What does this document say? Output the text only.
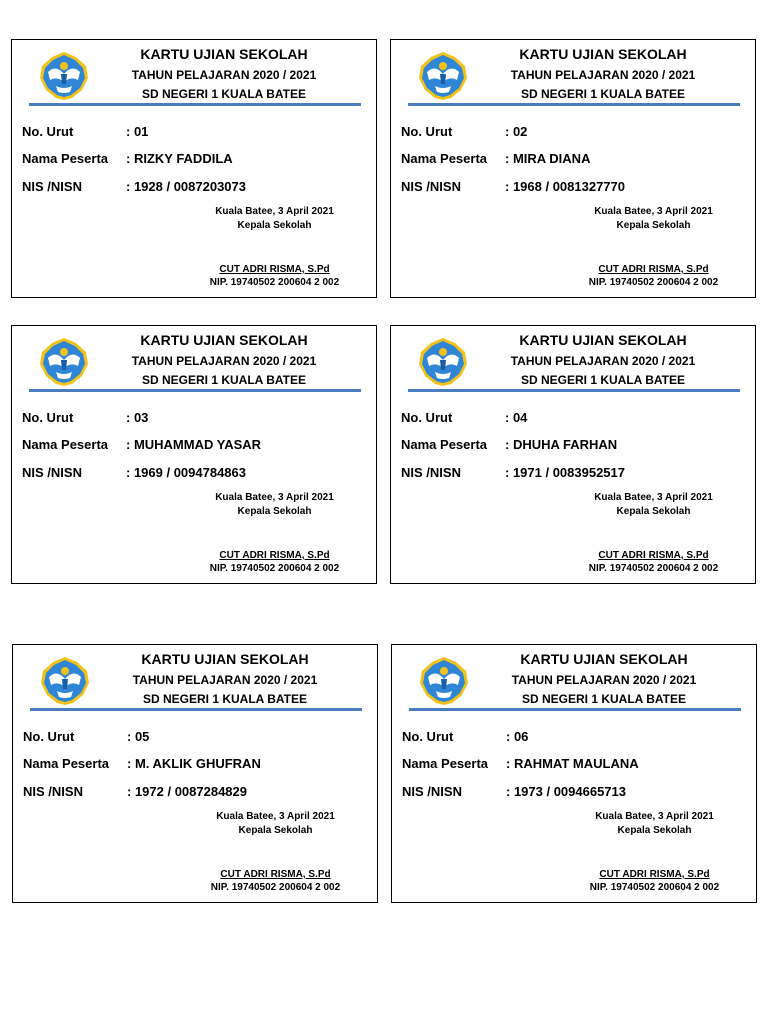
KARTU UJIAN SEKOLAH
TAHUN PELAJARAN 2020 / 2021
SD NEGERI 1 KUALA BATEE
No. Urut	: 01
Nama Peserta : RIZKY FADDILA
NIS /NISN	: 1928 / 0087203073
Kuala Batee, 3 April 2021
Kepala Sekolah
CUT ADRI RISMA, S.Pd
NIP. 19740502 200604 2 002
KARTU UJIAN SEKOLAH
TAHUN PELAJARAN 2020 / 2021
SD NEGERI 1 KUALA BATEE
No. Urut	: 02
Nama Peserta : MIRA DIANA
NIS /NISN	: 1968 / 0081327770
Kuala Batee, 3 April 2021
Kepala Sekolah
CUT ADRI RISMA, S.Pd
NIP. 19740502 200604 2 002
KARTU UJIAN SEKOLAH
TAHUN PELAJARAN 2020 / 2021
SD NEGERI 1 KUALA BATEE
No. Urut	: 03
Nama Peserta : MUHAMMAD YASAR
NIS /NISN	: 1969 / 0094784863
Kuala Batee, 3 April 2021
Kepala Sekolah
CUT ADRI RISMA, S.Pd
NIP. 19740502 200604 2 002
KARTU UJIAN SEKOLAH
TAHUN PELAJARAN 2020 / 2021
SD NEGERI 1 KUALA BATEE
No. Urut	: 04
Nama Peserta : DHUHA FARHAN
NIS /NISN	: 1971 / 0083952517
Kuala Batee, 3 April 2021
Kepala Sekolah
CUT ADRI RISMA, S.Pd
NIP. 19740502 200604 2 002
KARTU UJIAN SEKOLAH
TAHUN PELAJARAN 2020 / 2021
SD NEGERI 1 KUALA BATEE
No. Urut	: 05
Nama Peserta : M. AKLIK GHUFRAN
NIS /NISN	: 1972 / 0087284829
Kuala Batee, 3 April 2021
Kepala Sekolah
CUT ADRI RISMA, S.Pd
NIP. 19740502 200604 2 002
KARTU UJIAN SEKOLAH
TAHUN PELAJARAN 2020 / 2021
SD NEGERI 1 KUALA BATEE
No. Urut	: 06
Nama Peserta : RAHMAT MAULANA
NIS /NISN	: 1973 / 0094665713
Kuala Batee, 3 April 2021
Kepala Sekolah
CUT ADRI RISMA, S.Pd
NIP. 19740502 200604 2 002
